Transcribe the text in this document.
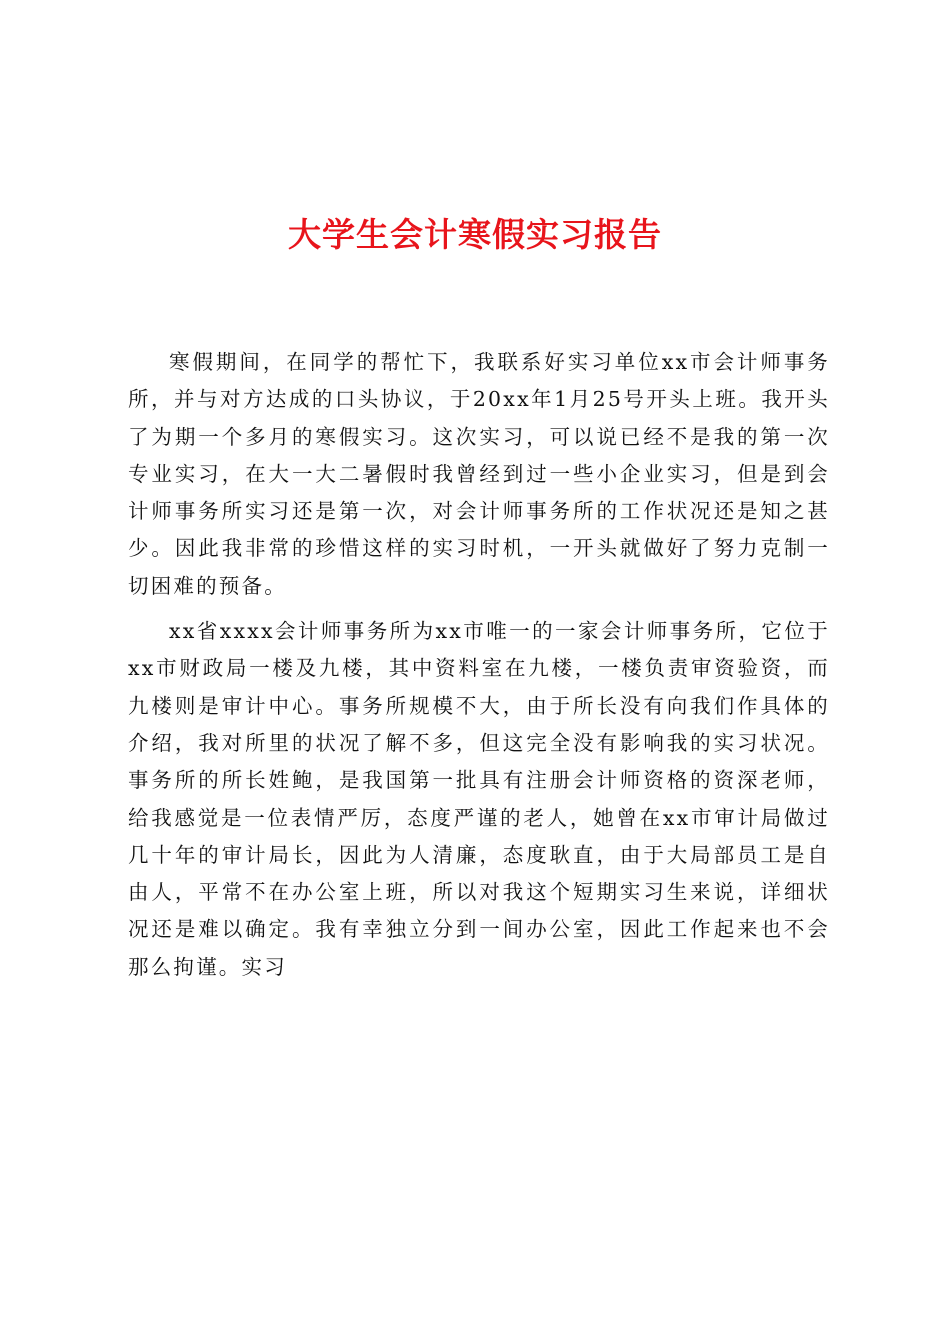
大学生会计寒假实习报告

寒假期间，在同学的帮忙下，我联系好实习单位xx市会计师事务所，并与对方达成的口头协议，于20xx年1月25号开头上班。我开头了为期一个多月的寒假实习。这次实习，可以说已经不是我的第一次专业实习，在大一大二暑假时我曾经到过一些小企业实习，但是到会计师事务所实习还是第一次，对会计师事务所的工作状况还是知之甚少。因此我非常的珍惜这样的实习时机，一开头就做好了努力克制一切困难的预备。

xx省xxxx会计师事务所为xx市唯一的一家会计师事务所，它位于xx市财政局一楼及九楼，其中资料室在九楼，一楼负责审资验资，而九楼则是审计中心。事务所规模不大，由于所长没有向我们作具体的介绍，我对所里的状况了解不多，但这完全没有影响我的实习状况。 事务所的所长姓鲍，是我国第一批具有注册会计师资格的资深老师，给我感觉是一位表情严厉，态度严谨的老人，她曾在xx市审计局做过几十年的审计局长，因此为人清廉，态度耿直，由于大局部员工是自由人，平常不在办公室上班，所以对我这个短期实习生来说，详细状况还是难以确定。我有幸独立分到一间办公室，因此工作起来也不会那么拘谨。实习
